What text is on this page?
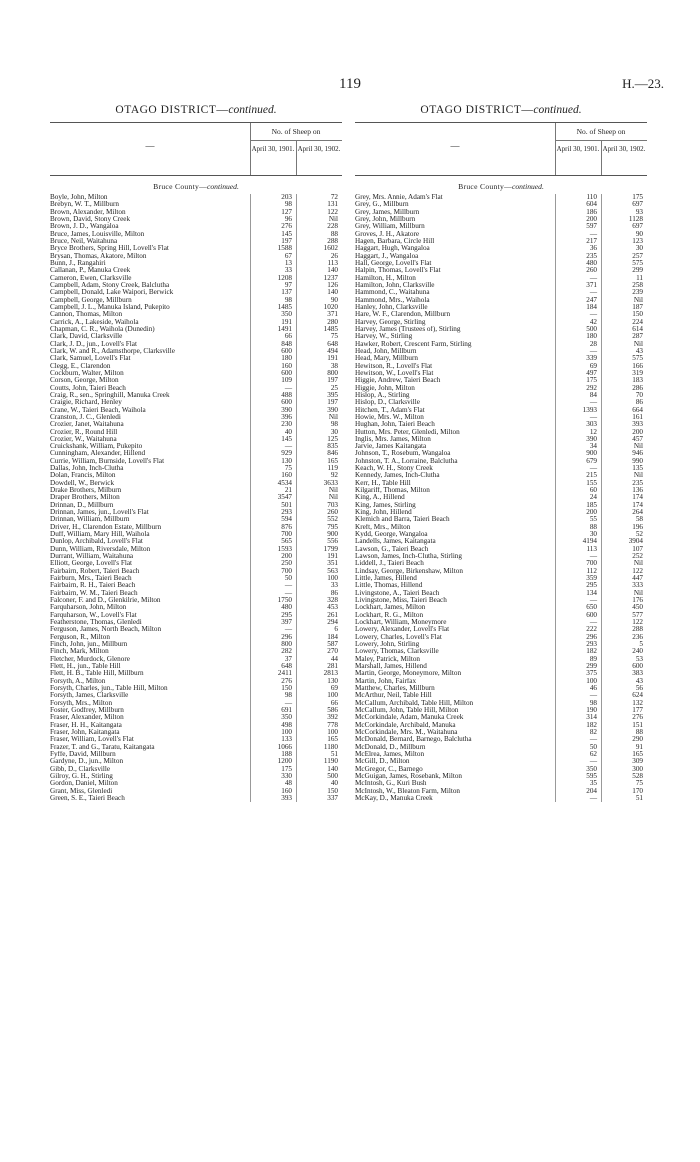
119	H.—23.
OTAGO DISTRICT—continued.
—
No. of Sheep on
April 30, 1901. April 30, 1902.
Bruce County—continued.
Boyle, John, Milton	203	72
Brebyn, W. T., Millburn	98	131
Brown, Alexander, Milton	127	122
Brown, David, Stony Creek	96	Nil
Brown, J. D., Wangaloa	276	228
Bruce, James, Louisville, Milton	145	88
Bruce, Neil, Waitahuna	197	288
Bryce Brothers, Spring Hill, Lovell's Flat	1588	1602
Brysan, Thomas, Akatore, Milton	67	26
Bunn, J., Rangahiri	13	113
Callanan, P., Manuka Creek	33	140
Cameron, Ewen, Clarksville	1208	1237
Campbell, Adam, Stony Creek, Balclutha	97	126
Campbell, Donald, Lake Waipori, Berwick	137	140
Campbell, George, Millburn	98	90
Campbell, J. L., Manuka Island, Pukepito	1485	1020
Cannon, Thomas, Milton	350	371
Carrick, A., Lakeside, Waihola	191	280
Chapman, C. R., Waihola (Dunedin)	1491	1485
Clark, David, Clarksville	66	75
Clark, J. D., jun., Lovell's Flat	848	648
Clark, W. and R., Adamsthorpe, Clarksville	600	494
Clark, Samuel, Lovell's Flat	180	191
Clegg, E., Clarendon	160	38
Cockburn, Walter, Milton	600	800
Corson, George, Milton	109	197
Coutts, John, Taieri Beach	—	25
Craig, R., sen., Springhill, Manuka Creek	488	395
Craigie, Richard, Henley	600	197
Crane, W., Taieri Beach, Waihola	390	390
Cranston, J. C., Glenledi	396	Nil
Crozier, Janet, Waitahuna	230	98
Crozier, R., Round Hill	40	30
Crozier, W., Waitahuna	145	125
Cruickshank, William, Pukepito	—	835
Cunningham, Alexander, Hillend	929	846
Currie, William, Burnside, Lovell's Flat	130	165
Dallas, John, Inch-Clutha	75	119
Dolan, Francis, Milton	160	92
Dowdell, W., Berwick	4534	3633
Drake Brothers, Milburn	21	Nil
Draper Brothers, Milton	3547	Nil
Drinnan, D., Millburn	501	703
Drinnan, James, jun., Lovell's Flat	293	260
Drinnan, William, Millburn	594	552
Driver, H., Clarendon Estate, Millburn	876	795
Duff, William, Mary Hill, Waihola	700	900
Dunlop, Archibald, Lovell's Flat	565	556
Dunn, William, Riversdale, Milton	1593	1799
Durrant, William, Waitahuna	200	191
Elliott, George, Lovell's Flat	250	351
Fairbairn, Robert, Taieri Beach	700	563
Fairburn, Mrs., Taieri Beach	50	100
Fairbairn, R. H., Taieri Beach	—	33
Fairbairn, W. M., Taieri Beach	—	86
Falconer, F. and D., Glenkilrie, Milton	1750	328
Farquharson, John, Milton	480	453
Farquharson, W., Lovell's Flat	295	261
Featherstone, Thomas, Glenledi	397	294
Ferguson, James, North Beach, Milton	—	6
Ferguson, R., Milton	296	184
Finch, John, jun., Millburn	800	587
Finch, Mark, Milton	282	270
Fletcher, Murdock, Glenore	37	44
Flett, H., jun., Table Hill	648	281
Flett, H. B., Table Hill, Millburn	2411	2813
Forsyth, A., Milton	276	130
Forsyth, Charles, jun., Table Hill, Milton	150	69
Forsyth, James, Clarksville	98	100
Forsyth, Mrs., Milton	—	66
Foster, Godfrey, Millburn	691	586
Fraser, Alexander, Milton	350	392
Fraser, H. H., Kaitangata	498	778
Fraser, John, Kaitangata	100	100
Fraser, William, Lovell's Flat	133	165
Frazer, T. and G., Taratu, Kaitangata	1066	1180
Fyffe, David, Millburn	188	51
Gardyne, D., jun., Milton	1200	1190
Gibb, D., Clarksville	175	140
Gilroy, G. H., Stirling	330	500
Gordon, Daniel, Milton	48	40
Grant, Miss, Glenledi	160	150
Green, S. E., Taieri Beach	393	337
OTAGO DISTRICT—continued.
—
No. of Sheep on
April 30, 1901. April 30, 1902.
Bruce County—continued.
Grey, Mrs. Annie, Adam's Flat	110	175
Grey, G., Millburn	604	697
Grey, James, Millburn	186	93
Grey, John, Millburn	200	1128
Grey, William, Millburn	597	697
Groves, J. H., Akatore	—	90
Hagen, Barbara, Circle Hill	217	123
Haggart, Hugh, Wangaloa	36	30
Haggart, J., Wangaloa	235	257
Hall, George, Lovell's Flat	480	575
Halpin, Thomas, Lovell's Flat	260	299
Hamilton, H., Milton	—	11
Hamilton, John, Clarksville	371	258
Hammond, C., Waitahuna	—	239
Hammond, Mrs., Waihola	247	Nil
Hanley, John, Clarksville	184	187
Hare, W. F., Clarendon, Millburn	—	150
Harvey, George, Stirling	42	224
Harvey, James (Trustees of), Stirling	500	614
Harvey, W., Stirling	180	287
Hawker, Robert, Crescent Farm, Stirling	28	Nil
Head, John, Millburn	—	43
Head, Mary, Millburn	339	575
Hewitson, R., Lovell's Flat	69	166
Hewitson, W., Lovell's Flat	497	319
Higgie, Andrew, Taieri Beach	175	183
Higgie, John, Milton	292	286
Hislop, A., Stirling	84	70
Hislop, D., Clarksville	—	86
Hitchen, T., Adam's Flat	1393	664
Howie, Mrs. W., Milton	—	161
Hughan, John, Taieri Beach	303	393
Hutton, Mrs. Peter, Glenledi, Milton	12	200
Inglis, Mrs. James, Milton	390	457
Jarvie, James Kaitangata	34	Nil
Johnson, T., Rosebum, Wangaloa	900	946
Johnston, T. A., Lorraine, Balclutha	679	990
Keach, W. H., Stony Creek	—	135
Kennedy, James, Inch-Clutha	215	Nil
Kerr, H., Table Hill	155	235
Kilgariff, Thomas, Milton	60	136
King, A., Hillend	24	174
King, James, Stirling	185	174
King, John, Hillend	200	264
Klemich and Barra, Taieri Beach	55	58
Kreft, Mrs., Milton	88	196
Kydd, George, Wangaloa	30	52
Landells, James, Kaitangata	4194	3904
Lawson, G., Taieri Beach	113	107
Lawson, James, Inch-Clutha, Stirling	—	252
Liddell, J., Taieri Beach	700	Nil
Lindsay, George, Birkenshaw, Milton	112	122
Little, James, Hillend	359	447
Little, Thomas, Hillend	295	333
Livingstone, A., Taieri Beach	134	Nil
Livingstone, Miss, Taieri Beach	—	176
Lockhart, James, Milton	650	450
Lockhart, R. G., Milton	600	577
Lockhart, William, Moneymore	—	122
Lowery, Alexander, Lovell's Flat	222	288
Lowery, Charles, Lovell's Flat	296	236
Lowery, John, Stirling	293	5
Lowery, Thomas, Clarksville	182	240
Maley, Patrick, Milton	89	53
Marshall, James, Hillend	299	600
Martin, George, Moneymore, Milton	375	383
Martin, John, Fairfax	100	43
Matthew, Charles, Millburn	46	56
McArthur, Neil, Table Hill	—	624
McCallum, Archibald, Table Hill, Milton	98	132
McCallum, John, Table Hill, Milton	190	177
McCorkindale, Adam, Manuka Creek	314	276
McCorkindale, Archibald, Manuka	182	151
McCorkindale, Mrs. M., Waitahuna	82	88
McDonald, Bernard, Barnego, Balclutha	—	290
McDonald, D., Millburn	50	91
McElrea, James, Milton	62	165
McGill, D., Milton	—	309
McGregor, C., Barnego	350	300
McGuigan, James, Rosebank, Milton	595	528
McIntosh, G., Kuri Bush	35	75
McIntosh, W., Bleaton Farm, Milton	204	170
McKay, D., Manuka Creek	—	51
